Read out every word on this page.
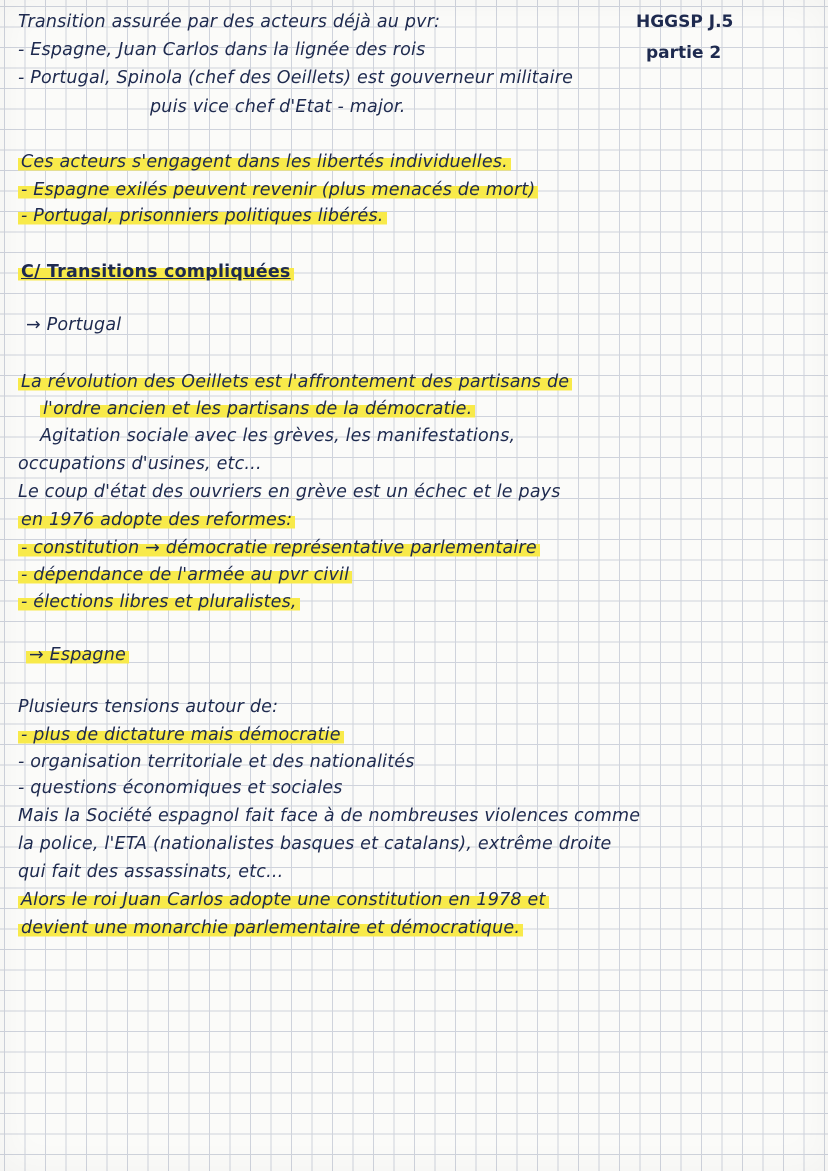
HGGSP J.5
partie 2
Transition assurée par des acteurs déjà au pvr:
- Espagne, Juan Carlos dans la lignée des rois
- Portugal, Spinola (chef des Oeillets) est gouverneur militaire
puis vice chef d'Etat - major.
Ces acteurs s'engagent dans les libertés individuelles.
- Espagne exilés peuvent revenir (plus menacés de mort)
- Portugal, prisonniers politiques libérés.
C/ Transitions compliquées
→ Portugal
La révolution des Oeillets est l'affrontement des partisans de
l'ordre ancien et les partisans de la démocratie.
Agitation sociale avec les grèves, les manifestations,
occupations d'usines, etc...
Le coup d'état des ouvriers en grève est un échec et le pays
en 1976 adopte des reformes:
- constitution → démocratie représentative parlementaire
- dépendance de l'armée au pvr civil
- élections libres et pluralistes,
→ Espagne
Plusieurs tensions autour de:
- plus de dictature mais démocratie
- organisation territoriale et des nationalités
- questions économiques et sociales
Mais la Société espagnol fait face à de nombreuses violences comme
la police, l'ETA (nationalistes basques et catalans), extrême droite
qui fait des assassinats, etc...
Alors le roi Juan Carlos adopte une constitution en 1978 et
devient une monarchie parlementaire et démocratique.
